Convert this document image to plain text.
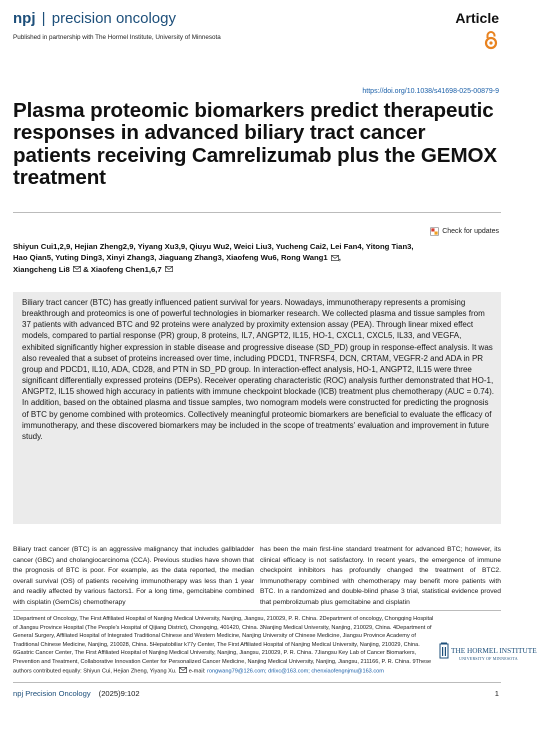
npj | precision oncology	Article
Published in partnership with The Hormel Institute, University of Minnesota
https://doi.org/10.1038/s41698-025-00879-9
Plasma proteomic biomarkers predict therapeutic responses in advanced biliary tract cancer patients receiving Camrelizumab plus the GEMOX treatment
Check for updates
Shiyun Cui1,2,9, Hejian Zheng2,9, Yiyang Xu3,9, Qiuyu Wu2, Weici Liu3, Yucheng Cai2, Lei Fan4, Yitong Tian3,
Hao Qian5, Yuting Ding3, Xinyi Zhang3, Jiaguang Zhang3, Xiaofeng Wu6, Rong Wang1 ,
Xiangcheng Li8 & Xiaofeng Chen1,6,7
Biliary tract cancer (BTC) has greatly influenced patient survival for years. Nowadays, immunotherapy represents a promising breakthrough and proteomics is one of powerful technologies in biomarker research. We collected plasma and tissue samples from 37 patients with advanced BTC and 92 proteins were analyzed by proximity extension assay (PEA). Through linear mixed effect models, compared to partial response (PR) group, 8 proteins, IL7, ANGPT2, IL15, HO-1, CXCL1, CXCL5, IL33, and VEGFA, exhibited significantly higher expression in stable disease and progressive disease (SD_PD) group in response-effect analysis. It was also revealed that a subset of proteins increased over time, including PDCD1, TNFRSF4, DCN, CRTAM, VEGFR-2 and ADA in PR group and PDCD1, IL10, ADA, CD28, and PTN in SD_PD group. In interaction-effect analysis, HO-1, ANGPT2, IL15 were three significant differentially expressed proteins (DEPs). Receiver operating characteristic (ROC) analysis further demonstrated that HO-1, ANGPT2, IL15 showed high accuracy in patients with immune checkpoint blockade (ICB) treatment plus chemotherapy (AUC = 0.74). In addition, based on the obtained plasma and tissue samples, two nomogram models were constructed for predicting the prognosis of BTC by genome combined with proteomics. Collectively meaningful proteomic biomarkers are beneficial to evaluate the efficacy of immunotherapy, and these discovered biomarkers may be included in the scope of treatments' evaluation and improvement in future study.
Biliary tract cancer (BTC) is an aggressive malignancy that includes gallbladder cancer (GBC) and cholangiocarcinoma (CCA). Previous studies have shown that the prognosis of BTC is poor. For example, as the data reported, the median overall survival (OS) of patients receiving immunotherapy was less than 1 year and readily affected by various factors1. For a long time, gemcitabine combined with cisplatin (GemCis) chemotherapy
has been the main first-line standard treatment for advanced BTC; however, its clinical efficacy is not satisfactory. In recent years, the emergence of immune checkpoint inhibitors has profoundly changed the treatment of BTC2. Immunotherapy combined with chemotherapy may benefit more patients with BTC. In a randomized and double-blind phase 3 trial, statistical evidence proved that pembrolizumab plus gemcitabine and cisplatin
1Department of Oncology, The First Affiliated Hospital of Nanjing Medical University, Nanjing, Jiangsu, 210029, P. R. China. 2Department of oncology, Chongqing Hospital of Jiangsu Province Hospital (The People's Hospital of Qijiang District), Chongqing, 401420, China. 3Nanjing Medical University, Nanjing, 210029, China. 4Department of General Surgery, Affiliated Hospital of Integrated Traditional Chinese and Western Medicine, Nanjing University of Chinese Medicine, Jiangsu Province Academy of Traditional Chinese Medicine, Nanjing, 210028, China. 5Hepatobiliar k77y Center, The First Affiliated Hospital of Nanjing Medical University, Nanjing, 210029, China. 6Gastric Cancer Center, The First Affiliated Hospital of Nanjing Medical University, Nanjing, Jiangsu, 210029, P. R. China. 7Jiangsu Key Lab of Cancer Biomarkers, Prevention and Treatment, Collaborative Innovation Center for Personalized Cancer Medicine, Nanjing Medical University, Nanjing, Jiangsu, 211166, P. R. China. 9These authors contributed equally: Shiyun Cui, Hejian Zheng, Yiyang Xu. e-mail: rongwang79@126.com; drlixc@163.com; chenxiaofengnjmu@163.com
THE HORMEL INSTITUTE
UNIVERSITY OF MINNESOTA
npj Precision Oncology (2025)9:102	1
